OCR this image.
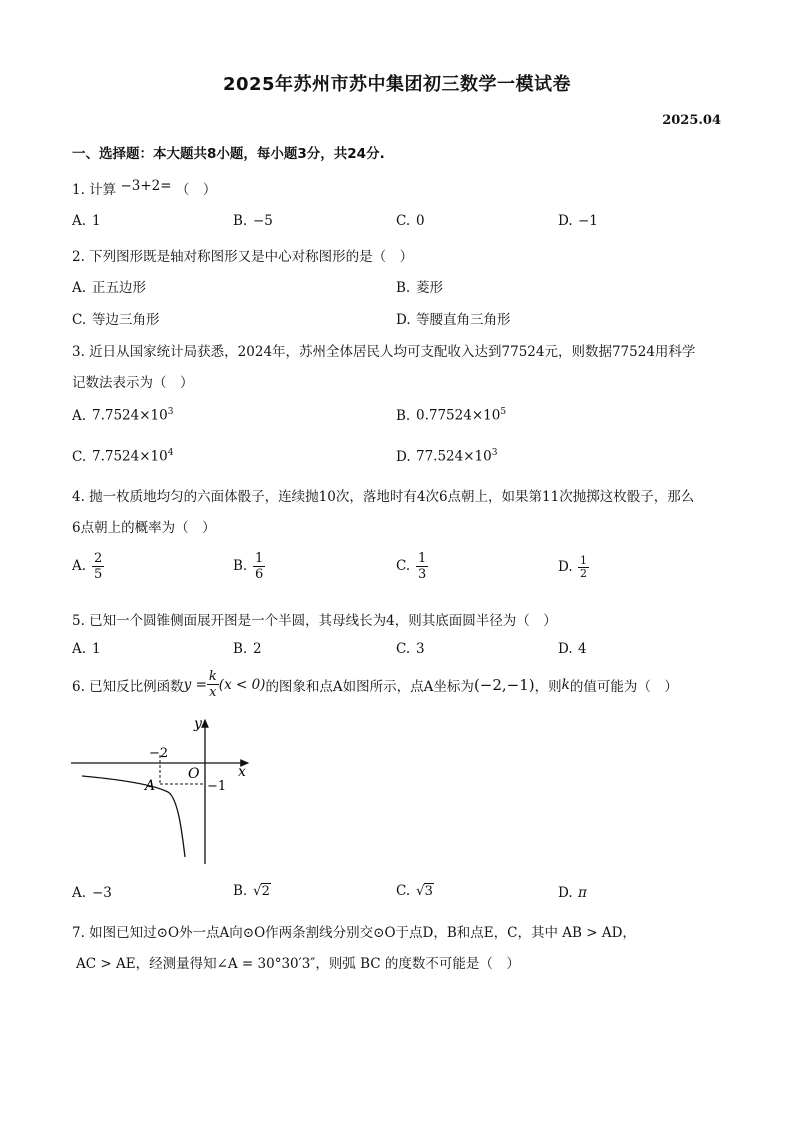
2025年苏州市苏中集团初三数学一模试卷
2025.04
一、选择题：本大题共8小题，每小题3分，共24分.
1. 计算 −3+2= （　）
A. 1	B. −5	C. 0	D. −1
2. 下列图形既是轴对称图形又是中心对称图形的是（　）
A. 正五边形	B. 菱形
C. 等边三角形	D. 等腰直角三角形
3. 近日从国家统计局获悉，2024年，苏州全体居民人均可支配收入达到77524元，则数据77524用科学
记数法表示为（　）
A. $7.7524\times 10^3$	B. $0.77524\times 10^5$
C. $7.7524\times 10^4$	D. $77.524\times 10^3$
4. 抛一枚质地均匀的六面体骰子，连续抛10次，落地时有4次6点朝上，如果第11次抛掷这枚骰子，那么
6点朝上的概率为（　）
A. $\frac{2}{5}$	B. $\frac{1}{6}$	C. $\frac{1}{3}$	D. $\frac{1}{2}$
5. 已知一个圆锥侧面展开图是一个半圆，其母线长为4，则其底面圆半径为（　）
A. 1	B. 2	C. 3	D. 4
6. 已知反比例函数 $y = \frac{k}{x} (x < 0)$ 的图象和点A如图所示，点A坐标为 (−2,−1) ，则 k 的值可能为（　）
y
x
O
A
−2
−1
A. −3	B. √ 2	C. √ 3	D. π
7. 如图已知过⊙O外一点A向⊙O作两条割线分别交⊙O于点D，B和点E，C，其中 AB > AD，
AC > AE，经测量得知∠A = 30°30′3″，则弧 BC 的度数不可能是（　）
